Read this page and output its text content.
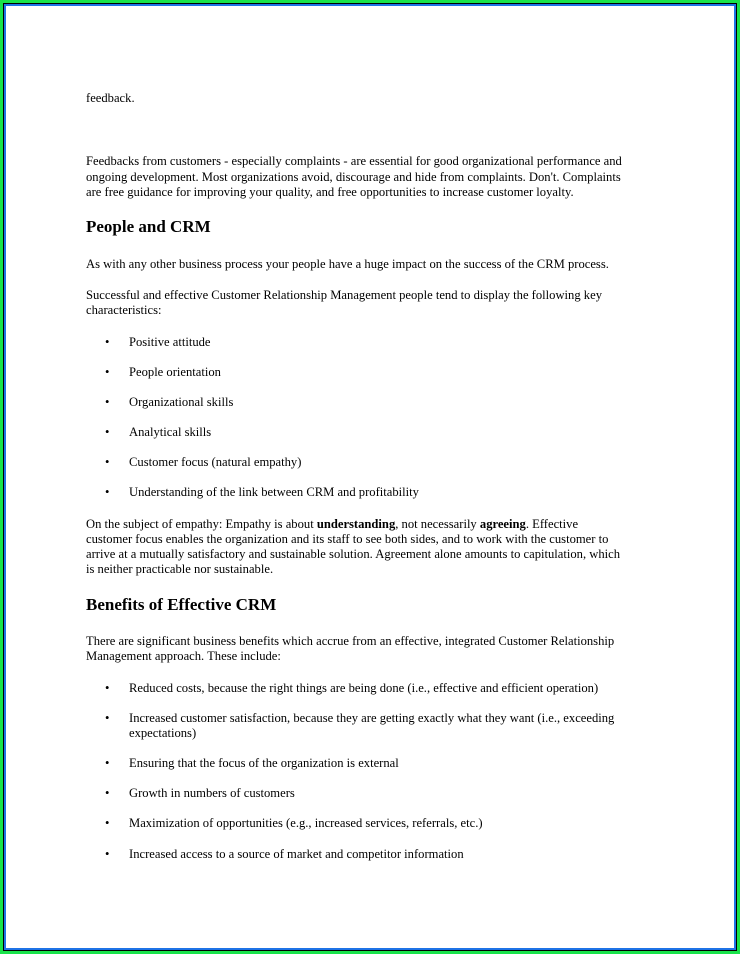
feedback.
Feedbacks from customers - especially complaints - are essential for good organizational performance and
ongoing development. Most organizations avoid, discourage and hide from complaints. Don't. Complaints
are free guidance for improving your quality, and free opportunities to increase customer loyalty.
People and CRM
As with any other business process your people have a huge impact on the success of the CRM process.
Successful and effective Customer Relationship Management people tend to display the following key
characteristics:
• Positive attitude
• People orientation
• Organizational skills
• Analytical skills
• Customer focus (natural empathy)
• Understanding of the link between CRM and profitability
On the subject of empathy: Empathy is about understanding, not necessarily agreeing. Effective
customer focus enables the organization and its staff to see both sides, and to work with the customer to
arrive at a mutually satisfactory and sustainable solution. Agreement alone amounts to capitulation, which
is neither practicable nor sustainable.
Benefits of Effective CRM
There are significant business benefits which accrue from an effective, integrated Customer Relationship
Management approach. These include:
• Reduced costs, because the right things are being done (i.e., effective and efficient operation)
• Increased customer satisfaction, because they are getting exactly what they want (i.e., exceeding
expectations)
• Ensuring that the focus of the organization is external
• Growth in numbers of customers
• Maximization of opportunities (e.g., increased services, referrals, etc.)
• Increased access to a source of market and competitor information
